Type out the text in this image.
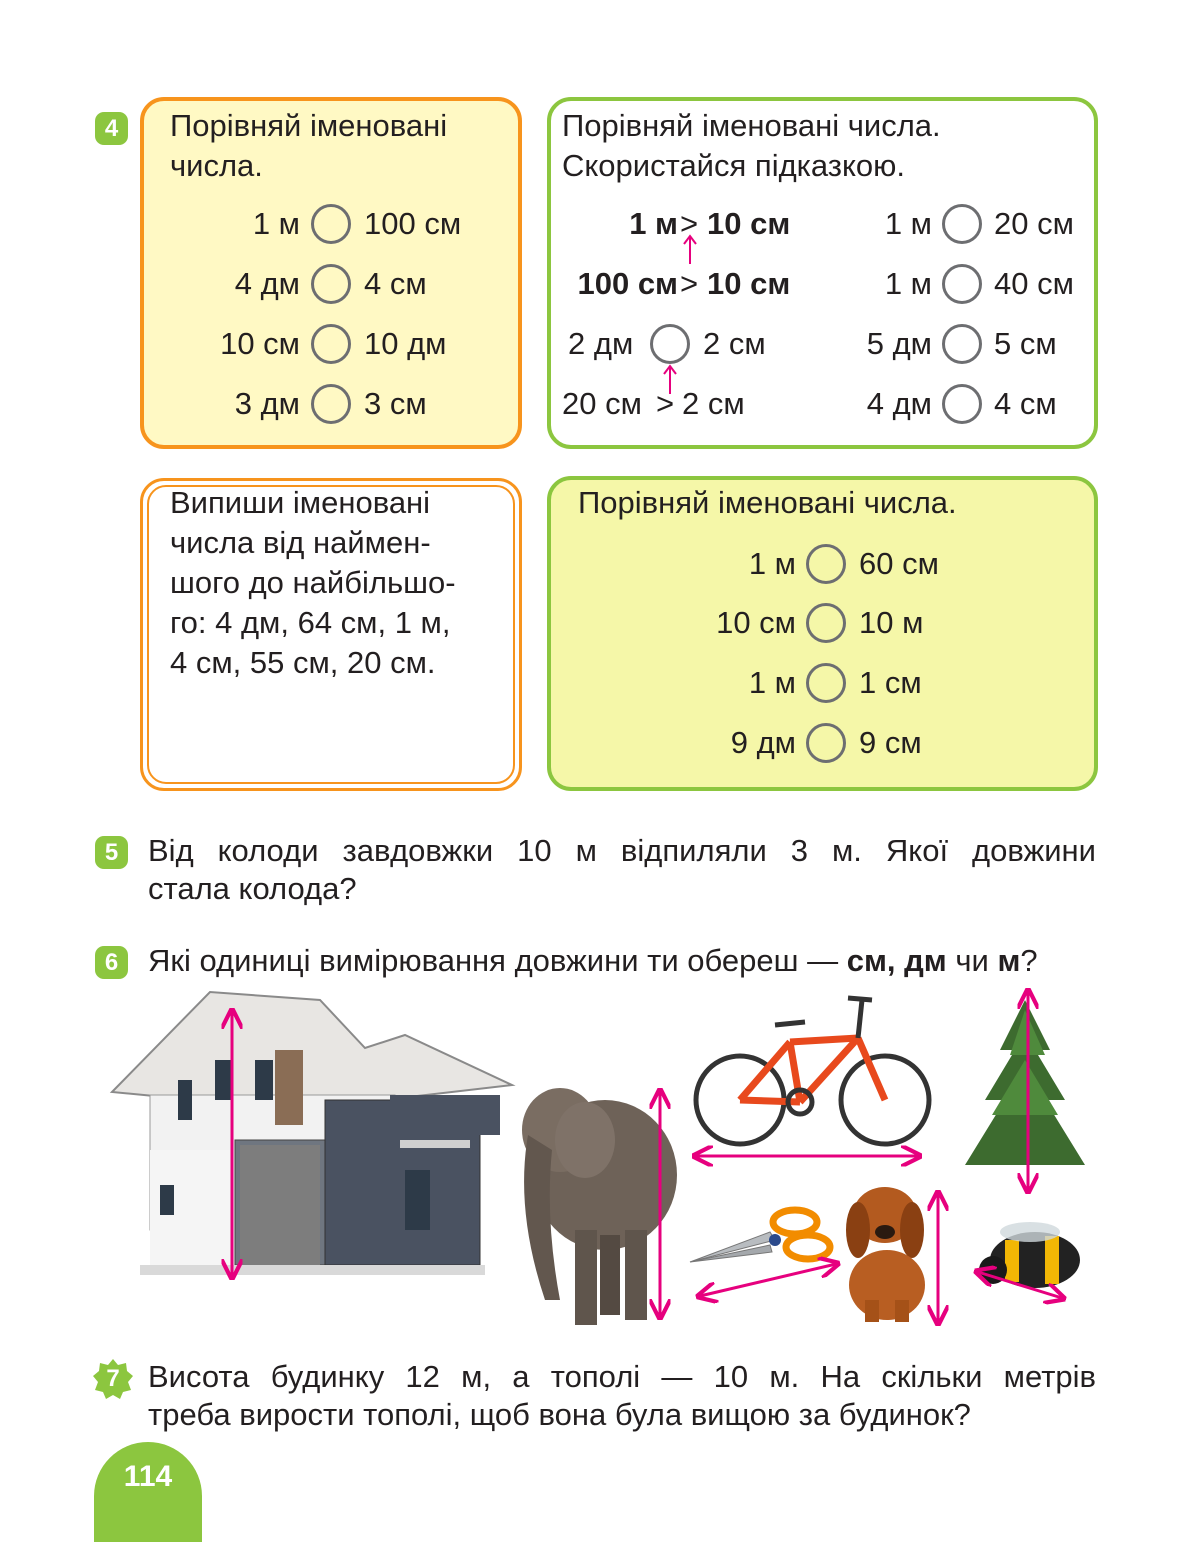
4	Порівняй іменовані
числа.
1 м 100 см
4 дм 4 см
10 см 10 дм
3 дм 3 см
Порівняй іменовані числа.
Скористайся підказкою.
1 м > 10 см
100 см > 10 см
2 дм 2 см
20 см > 2 см
1 м 20 см
1 м 40 см
5 дм 5 см
4 дм 4 см
Випиши іменовані
числа від наймен-
шого до найбільшо-
го: 4 дм, 64 см, 1 м,
4 см, 55 см, 20 см.
Порівняй іменовані числа.
1 м 60 см
10 см 10 м
1 м 1 см
9 дм 9 см
5 Від колоди завдовжки 10 м відпиляли 3 м. Якої довжини
стала колода?
6 Які одиниці вимірювання довжини ти обереш — см, дм чи м?
7 Висота будинку 12 м, а тополі — 10 м. На скільки метрів
треба вирости тополі, щоб вона була вищою за будинок?
114
